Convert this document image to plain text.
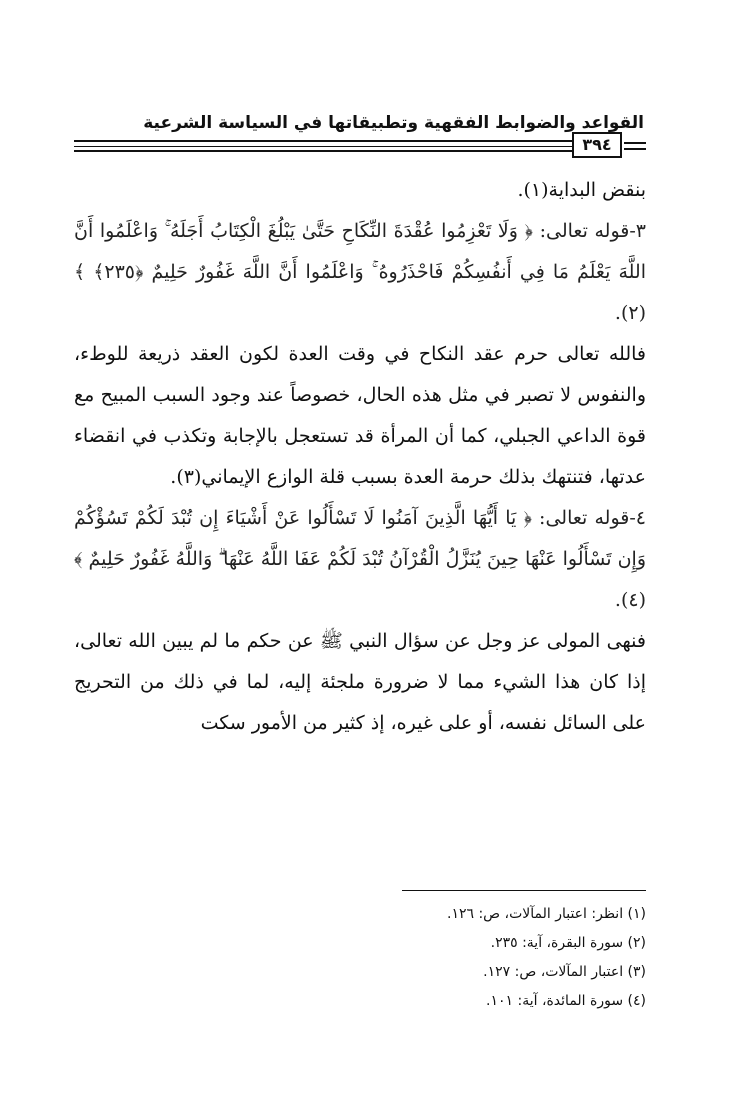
القواعد والضوابط الفقهية وتطبيقاتها في السياسة الشرعية
٣٩٤

بنقض البداية(١).

٣-قوله تعالى: ﴿ وَلَا تَعْزِمُوا عُقْدَةَ النِّكَاحِ حَتَّىٰ يَبْلُغَ الْكِتَابُ أَجَلَهُ ۚ وَاعْلَمُوا أَنَّ اللَّهَ يَعْلَمُ مَا فِي أَنفُسِكُمْ فَاحْذَرُوهُ ۚ وَاعْلَمُوا أَنَّ اللَّهَ غَفُورٌ حَلِيمٌ ﴿٢٣٥﴾ ﴾(٢).

فالله تعالى حرم عقد النكاح في وقت العدة لكون العقد ذريعة للوطء، والنفوس لا تصبر في مثل هذه الحال، خصوصاً عند وجود السبب المبيح مع قوة الداعي الجبلي، كما أن المرأة قد تستعجل بالإجابة وتكذب في انقضاء عدتها، فتنتهك بذلك حرمة العدة بسبب قلة الوازع الإيماني(٣).

٤-قوله تعالى: ﴿ يَا أَيُّهَا الَّذِينَ آمَنُوا لَا تَسْأَلُوا عَنْ أَشْيَاءَ إِن تُبْدَ لَكُمْ تَسُؤْكُمْ وَإِن تَسْأَلُوا عَنْهَا حِينَ يُنَزَّلُ الْقُرْآنُ تُبْدَ لَكُمْ عَفَا اللَّهُ عَنْهَا ۗ وَاللَّهُ غَفُورٌ حَلِيمٌ ﴾(٤).

فنهى المولى عز وجل عن سؤال النبي ﷺ عن حكم ما لم يبين الله تعالى، إذا كان هذا الشيء مما لا ضرورة ملجئة إليه، لما في ذلك من التحريج على السائل نفسه، أو على غيره، إذ كثير من الأمور سكت

(١) انظر: اعتبار المآلات، ص: ١٢٦.

(٢) سورة البقرة، آية: ٢٣٥.

(٣) اعتبار المآلات، ص: ١٢٧.

(٤) سورة المائدة، آية: ١٠١.
